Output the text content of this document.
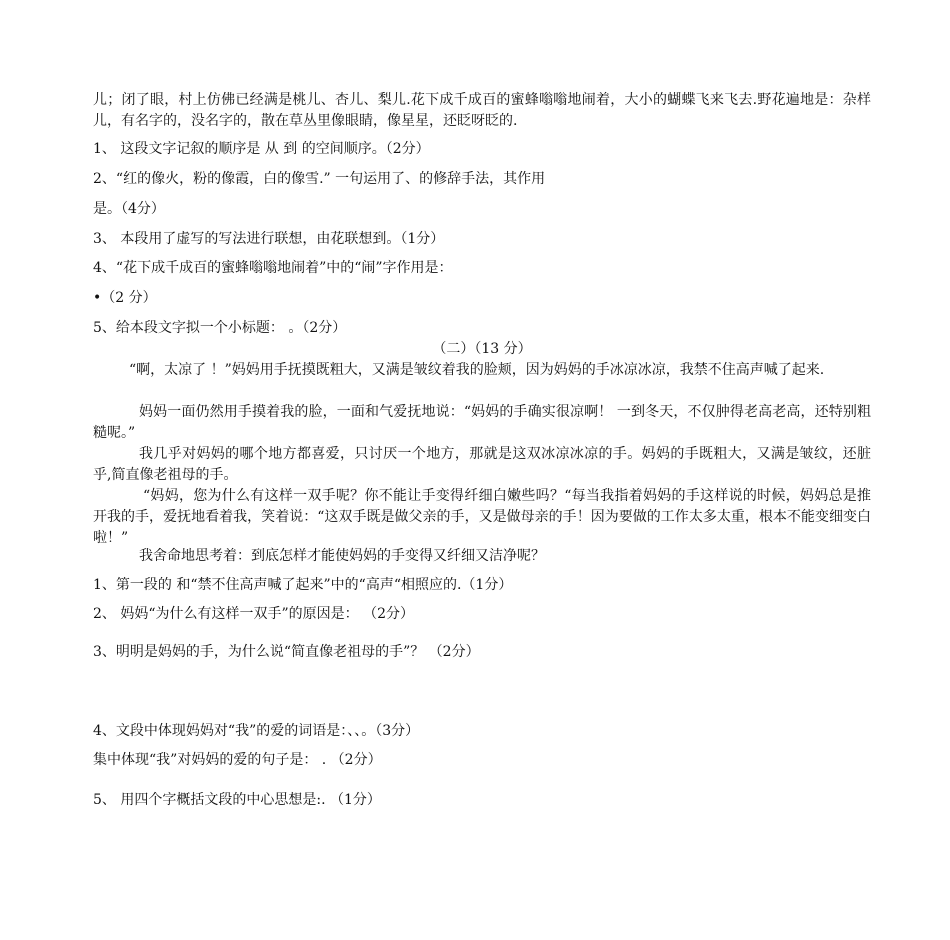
儿；闭了眼，村上仿佛已经满是桃儿、杏儿、梨儿.花下成千成百的蜜蜂嗡嗡地闹着，大小的蝴蝶飞来飞去.野花遍地是：杂样儿，有名字的，没名字的，散在草丛里像眼睛，像星星，还眨呀眨的.
1、 这段文字记叙的顺序是 从 到 的空间顺序。（2分）
2、“红的像火，粉的像霞，白的像雪.” 一句运用了、的修辞手法，其作用
是。（4分）
3、 本段用了虚写的写法进行联想，由花联想到。（1分）
4、“花下成千成百的蜜蜂嗡嗡地闹着”中的“闹”字作用是：
•（2 分）
5、给本段文字拟一个小标题： 。（2分）
（二）（13 分）
“啊，太凉了 ！”妈妈用手抚摸既粗大，又满是皱纹着我的脸颊，因为妈妈的手冰凉冰凉，我禁不住高声喊了起来.
妈妈一面仍然用手摸着我的脸，一面和气爱抚地说：“妈妈的手确实很凉啊！ 一到冬天，不仅肿得老高老高，还特别粗糙呢。”
我几乎对妈妈的哪个地方都喜爱，只讨厌一个地方，那就是这双冰凉冰凉的手。妈妈的手既粗大，又满是皱纹，还脏乎,简直像老祖母的手。
“妈妈，您为什么有这样一双手呢？你不能让手变得纤细白嫩些吗？“每当我指着妈妈的手这样说的时候，妈妈总是推开我的手，爱抚地看着我，笑着说：“这双手既是做父亲的手，又是做母亲的手！因为要做的工作太多太重，根本不能变细变白啦！”
我舍命地思考着：到底怎样才能使妈妈的手变得又纤细又洁净呢？
1、第一段的 和“禁不住高声喊了起来”中的“高声“相照应的.（1分）
2、 妈妈“为什么有这样一双手”的原因是： （2分）
3、明明是妈妈的手，为什么说“简直像老祖母的手”？ （2分）
4、文段中体现妈妈对“我”的爱的词语是：、、。（3分）
集中体现“我”对妈妈的爱的句子是： . （2分）
5、 用四个字概括文段的中心思想是:. （1分）
